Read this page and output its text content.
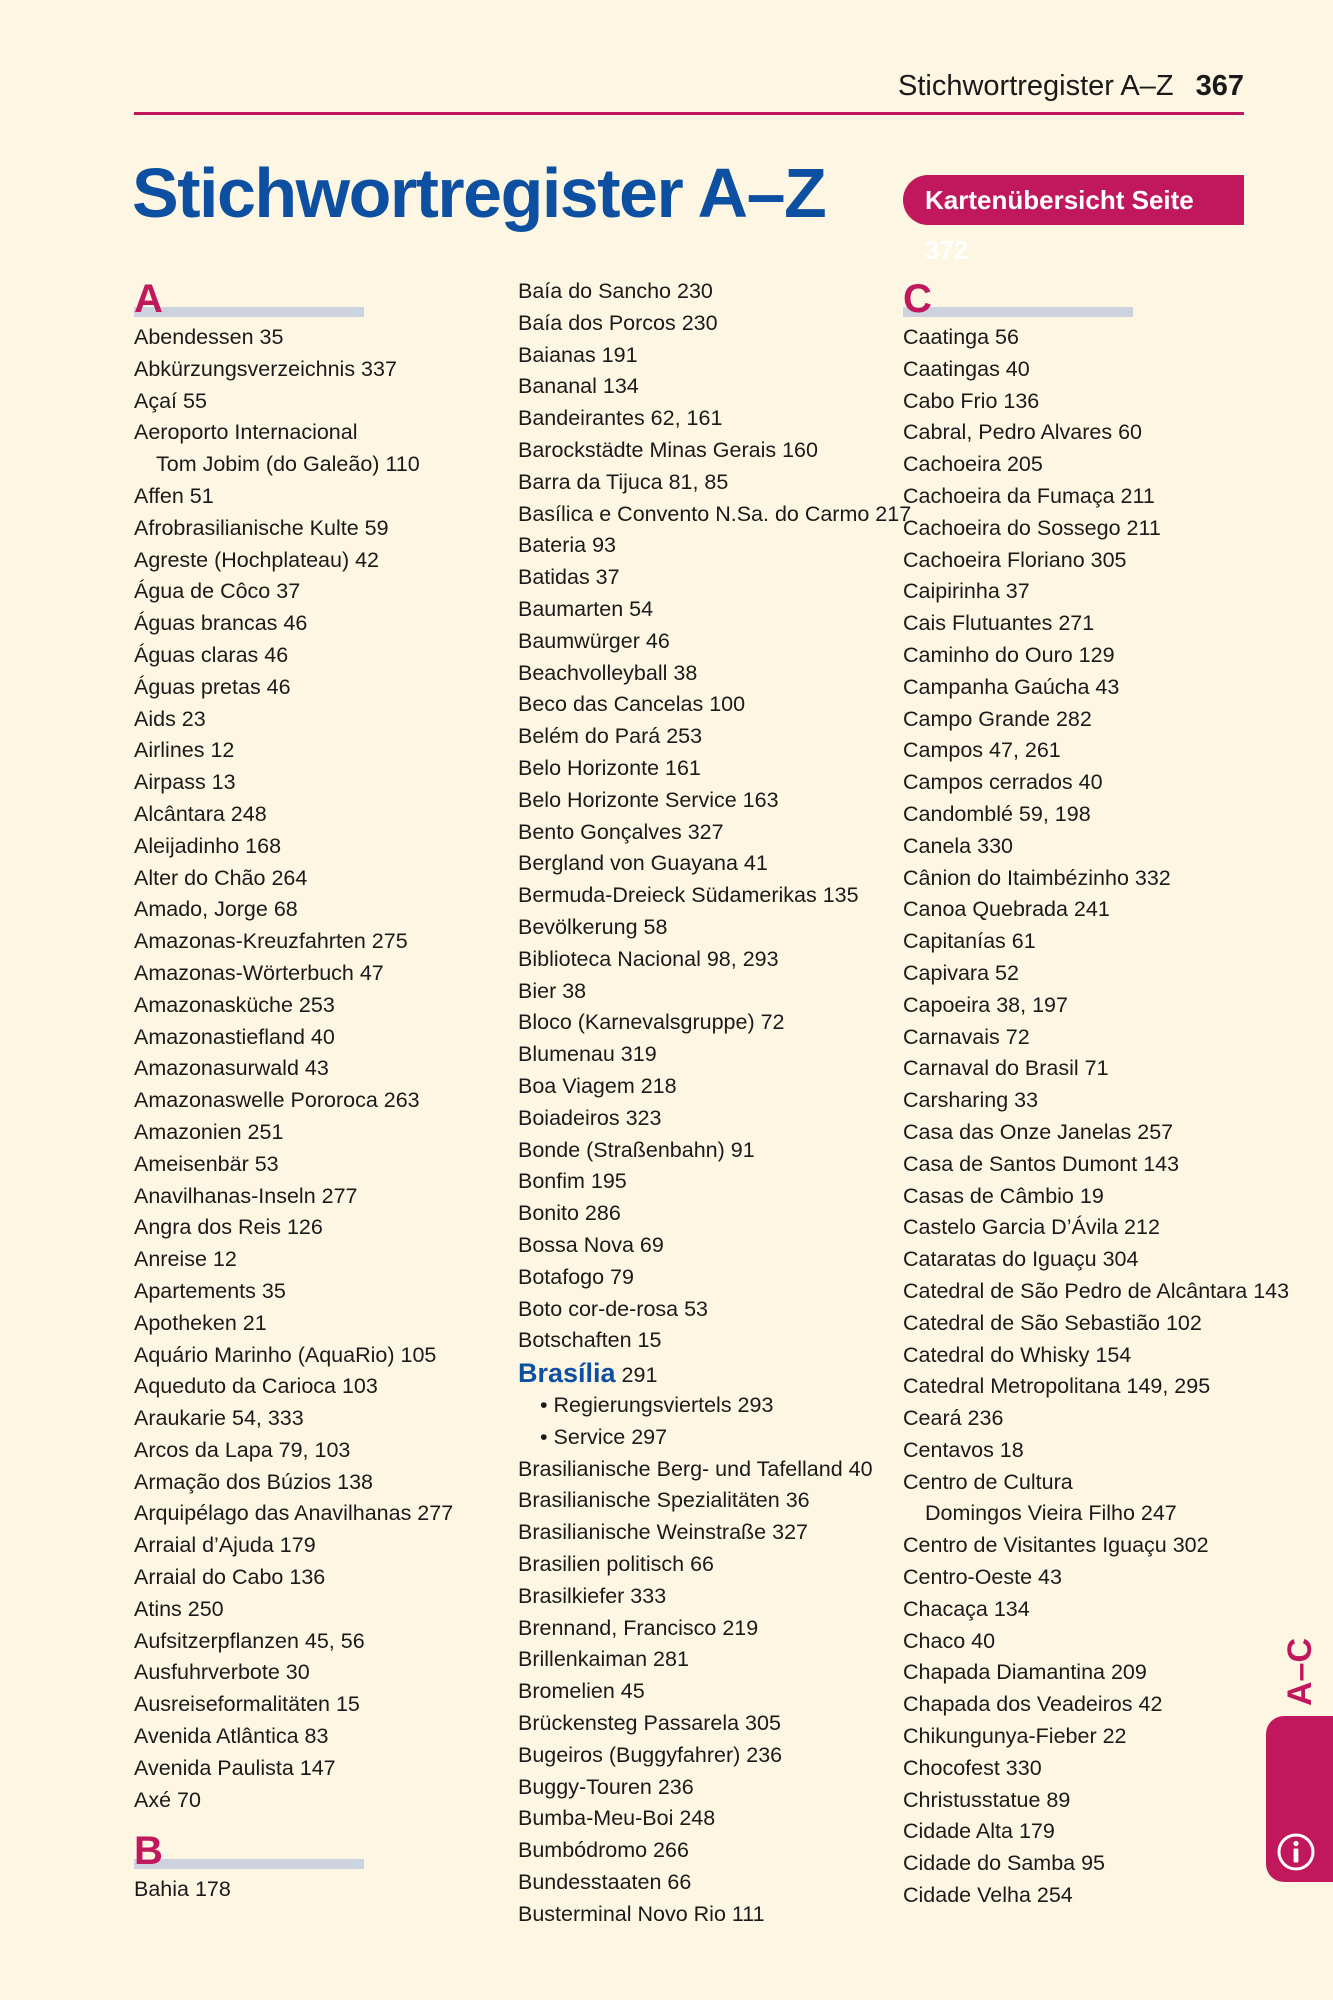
Stichwortregister A–Z 367
Stichwortregister A–Z	Kartenübersicht Seite 372
A
Abendessen 35
Abkürzungsverzeichnis 337
Açaí 55
Aeroporto Internacional
Tom Jobim (do Galeão) 110
Affen 51
Afrobrasilianische Kulte 59
Agreste (Hochplateau) 42
Água de Côco 37
Águas brancas 46
Águas claras 46
Águas pretas 46
Aids 23
Airlines 12
Airpass 13
Alcântara 248
Aleijadinho 168
Alter do Chão 264
Amado, Jorge 68
Amazonas-Kreuzfahrten 275
Amazonas-Wörterbuch 47
Amazonasküche 253
Amazonastiefland 40
Amazonasurwald 43
Amazonaswelle Pororoca 263
Amazonien 251
Ameisenbär 53
Anavilhanas-Inseln 277
Angra dos Reis 126
Anreise 12
Apartements 35
Apotheken 21
Aquário Marinho (AquaRio) 105
Aqueduto da Carioca 103
Araukarie 54, 333
Arcos da Lapa 79, 103
Armação dos Búzios 138
Arquipélago das Anavilhanas 277
Arraial d’Ajuda 179
Arraial do Cabo 136
Atins 250
Aufsitzerpflanzen 45, 56
Ausfuhrverbote 30
Ausreiseformalitäten 15
Avenida Atlântica 83
Avenida Paulista 147
Axé 70
B
Bahia 178
Baía do Sancho 230
Baía dos Porcos 230
Baianas 191
Bananal 134
Bandeirantes 62, 161
Barockstädte Minas Gerais 160
Barra da Tijuca 81, 85
Basílica e Convento N.Sa. do Carmo 217
Bateria 93
Batidas 37
Baumarten 54
Baumwürger 46
Beachvolleyball 38
Beco das Cancelas 100
Belém do Pará 253
Belo Horizonte 161
Belo Horizonte Service 163
Bento Gonçalves 327
Bergland von Guayana 41
Bermuda-Dreieck Südamerikas 135
Bevölkerung 58
Biblioteca Nacional 98, 293
Bier 38
Bloco (Karnevalsgruppe) 72
Blumenau 319
Boa Viagem 218
Boiadeiros 323
Bonde (Straßenbahn) 91
Bonfim 195
Bonito 286
Bossa Nova 69
Botafogo 79
Boto cor-de-rosa 53
Botschaften 15
Brasília 291
• Regierungsviertels 293
• Service 297
Brasilianische Berg- und Tafelland 40
Brasilianische Spezialitäten 36
Brasilianische Weinstraße 327
Brasilien politisch 66
Brasilkiefer 333
Brennand, Francisco 219
Brillenkaiman 281
Bromelien 45
Brückensteg Passarela 305
Bugeiros (Buggyfahrer) 236
Buggy-Touren 236
Bumba-Meu-Boi 248
Bumbódromo 266
Bundesstaaten 66
Busterminal Novo Rio 111
C
Caatinga 56
Caatingas 40
Cabo Frio 136
Cabral, Pedro Alvares 60
Cachoeira 205
Cachoeira da Fumaça 211
Cachoeira do Sossego 211
Cachoeira Floriano 305
Caipirinha 37
Cais Flutuantes 271
Caminho do Ouro 129
Campanha Gaúcha 43
Campo Grande 282
Campos 47, 261
Campos cerrados 40
Candomblé 59, 198
Canela 330
Cânion do Itaimbézinho 332
Canoa Quebrada 241
Capitanías 61
Capivara 52
Capoeira 38, 197
Carnavais 72
Carnaval do Brasil 71
Carsharing 33
Casa das Onze Janelas 257
Casa de Santos Dumont 143
Casas de Câmbio 19
Castelo Garcia D’Ávila 212
Cataratas do Iguaçu 304
Catedral de São Pedro de Alcântara 143
Catedral de São Sebastião 102
Catedral do Whisky 154
Catedral Metropolitana 149, 295
Ceará 236
Centavos 18
Centro de Cultura
Domingos Vieira Filho 247
Centro de Visitantes Iguaçu 302
Centro-Oeste 43
Chacaça 134
Chaco 40
Chapada Diamantina 209
Chapada dos Veadeiros 42
Chikungunya-Fieber 22
Chocofest 330
Christusstatue 89
Cidade Alta 179
Cidade do Samba 95
Cidade Velha 254
A–C
